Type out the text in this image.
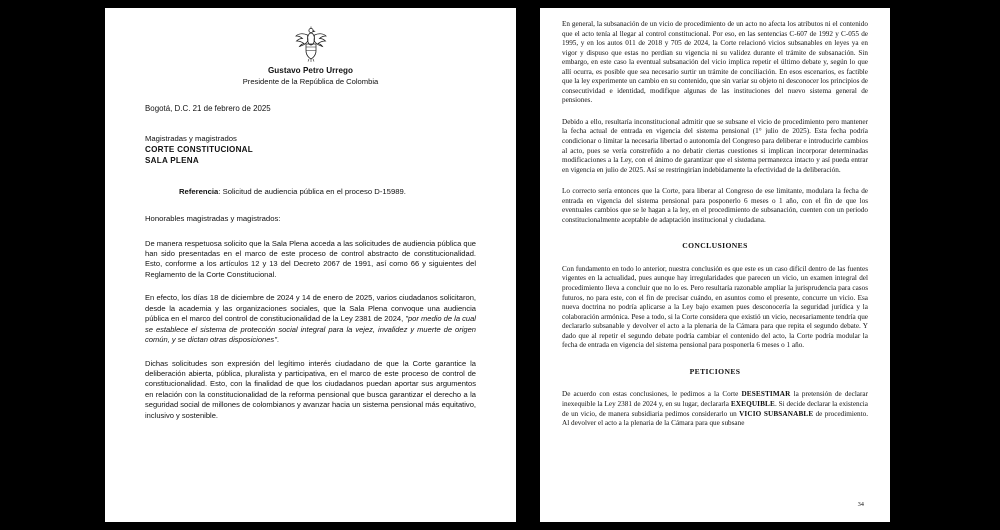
Gustavo Petro Urrego
Presidente de la República de Colombia
Bogotá, D.C. 21 de febrero de 2025
Magistradas y magistrados
CORTE CONSTITUCIONAL
SALA PLENA
Referencia: Solicitud de audiencia pública en el proceso D-15989.
Honorables magistradas y magistrados:

De manera respetuosa solicito que la Sala Plena acceda a las solicitudes de audiencia pública que han sido presentadas en el marco de este proceso de control abstracto de constitucionalidad. Esto, conforme a los artículos 12 y 13 del Decreto 2067 de 1991, así como 66 y siguientes del Reglamento de la Corte Constitucional.

En efecto, los días 18 de diciembre de 2024 y 14 de enero de 2025, varios ciudadanos solicitaron, desde la academia y las organizaciones sociales, que la Sala Plena convoque una audiencia pública en el marco del control de constitucionalidad de la Ley 2381 de 2024, "por medio de la cual se establece el sistema de protección social integral para la vejez, invalidez y muerte de origen común, y se dictan otras disposiciones".

Dichas solicitudes son expresión del legítimo interés ciudadano de que la Corte garantice la deliberación abierta, pública, pluralista y participativa, en el marco de este proceso de control de constitucionalidad. Esto, con la finalidad de que los ciudadanos puedan aportar sus argumentos en relación con la constitucionalidad de la reforma pensional que busca garantizar el derecho a la seguridad social de millones de colombianos y avanzar hacia un sistema pensional más equitativo, inclusivo y sostenible.

En general, la subsanación de un vicio de procedimiento de un acto no afecta los atributos ni el contenido que el acto tenía al llegar al control constitucional. Por eso, en las sentencias C-607 de 1992 y C-055 de 1995, y en los autos 011 de 2018 y 705 de 2024, la Corte relacionó vicios subsanables en leyes ya en vigor y dispuso que estas no perdían su vigencia ni su validez durante el trámite de subsanación. Sin embargo, en este caso la eventual subsanación del vicio implica repetir el último debate y, según lo que allí ocurra, es posible que sea necesario surtir un trámite de conciliación. En esos escenarios, es factible que la ley experimente un cambio en su contenido, que sin variar su objeto ni desconocer los principios de consecutividad e identidad, modifique algunas de las instituciones del nuevo sistema general de pensiones.

Debido a ello, resultaría inconstitucional admitir que se subsane el vicio de procedimiento pero mantener la fecha actual de entrada en vigencia del sistema pensional (1° julio de 2025). Esta fecha podría condicionar o limitar la necesaria libertad o autonomía del Congreso para deliberar e introducirle cambios al acto, pues se vería constreñido a no debatir ciertas cuestiones si implican incorporar determinadas modificaciones a la Ley, con el ánimo de garantizar que el sistema permanezca intacto y así pueda entrar en vigencia en julio de 2025. Así se restringirían indebidamente la efectividad de la deliberación.

Lo correcto sería entonces que la Corte, para liberar al Congreso de ese limitante, modulara la fecha de entrada en vigencia del sistema pensional para posponerlo 6 meses o 1 año, con el fin de que los eventuales cambios que se le hagan a la ley, en el procedimiento de subsanación, cuenten con un periodo constitucionalmente aceptable de adaptación institucional y ciudadana.

CONCLUSIONES

Con fundamento en todo lo anterior, nuestra conclusión es que este es un caso difícil dentro de las fuentes vigentes en la actualidad, pues aunque hay irregularidades que parecen un vicio, un examen integral del procedimiento lleva a concluir que no lo es. Pero resultaría razonable ampliar la jurisprudencia para casos futuros, no para este, con el fin de precisar cuándo, en asuntos como el presente, concurre un vicio. Esa nueva doctrina no podría aplicarse a la Ley bajo examen pues desconocería la seguridad jurídica y la colaboración armónica. Pese a todo, si la Corte considera que existió un vicio, necesariamente tendría que declararlo subsanable y devolver el acto a la plenaria de la Cámara para que repita el segundo debate. Y dado que al repetir el segundo debate podría cambiar el contenido del acto, la Corte podría modular la fecha de entrada en vigencia del sistema pensional para posponerla 6 meses o 1 año.

PETICIONES

De acuerdo con estas conclusiones, le pedimos a la Corte DESESTIMAR la pretensión de declarar inexequible la Ley 2381 de 2024 y, en su lugar, declararla EXEQUIBLE. Si decide declarar la existencia de un vicio, de manera subsidiaria pedimos considerarlo un VICIO SUBSANABLE de procedimiento. Al devolver el acto a la plenaria de la Cámara para que subsane

34
